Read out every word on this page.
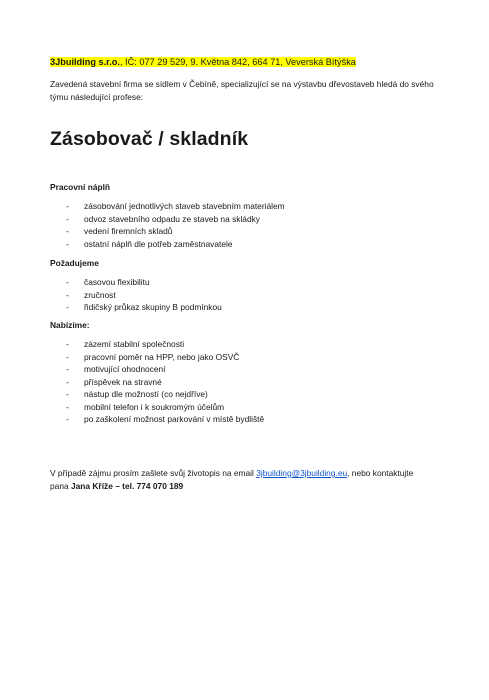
3Jbuilding s.r.o., IČ: 077 29 529, 9. Května 842, 664 71, Veverská Bítýška
Zavedená stavební firma se sídlem v Čebíně, specializující se na výstavbu dřevostaveb hledá do svého
týmu následující profese:
Zásobovač / skladník
Pracovní náplň
- zásobování jednotlivých staveb stavebním materiálem
- odvoz stavebního odpadu ze staveb na skládky
- vedení firemních skladů
- ostatní náplň dle potřeb zaměstnavatele
Požadujeme
- časovou flexibilitu
- zručnost
- řidičský průkaz skupiny B podmínkou
Nabízíme:
- zázemí stabilní společnosti
- pracovní poměr na HPP, nebo jako OSVČ
- motivující ohodnocení
- příspěvek na stravné
- nástup dle možností (co nejdříve)
- mobilní telefon i k soukromým účelům
- po zaškolení možnost parkování v místě bydliště
V případě zájmu prosím zašlete svůj životopis na email 3jbuilding@3jbuilding.eu, nebo kontaktujte
pana Jana Kříže – tel. 774 070 189
